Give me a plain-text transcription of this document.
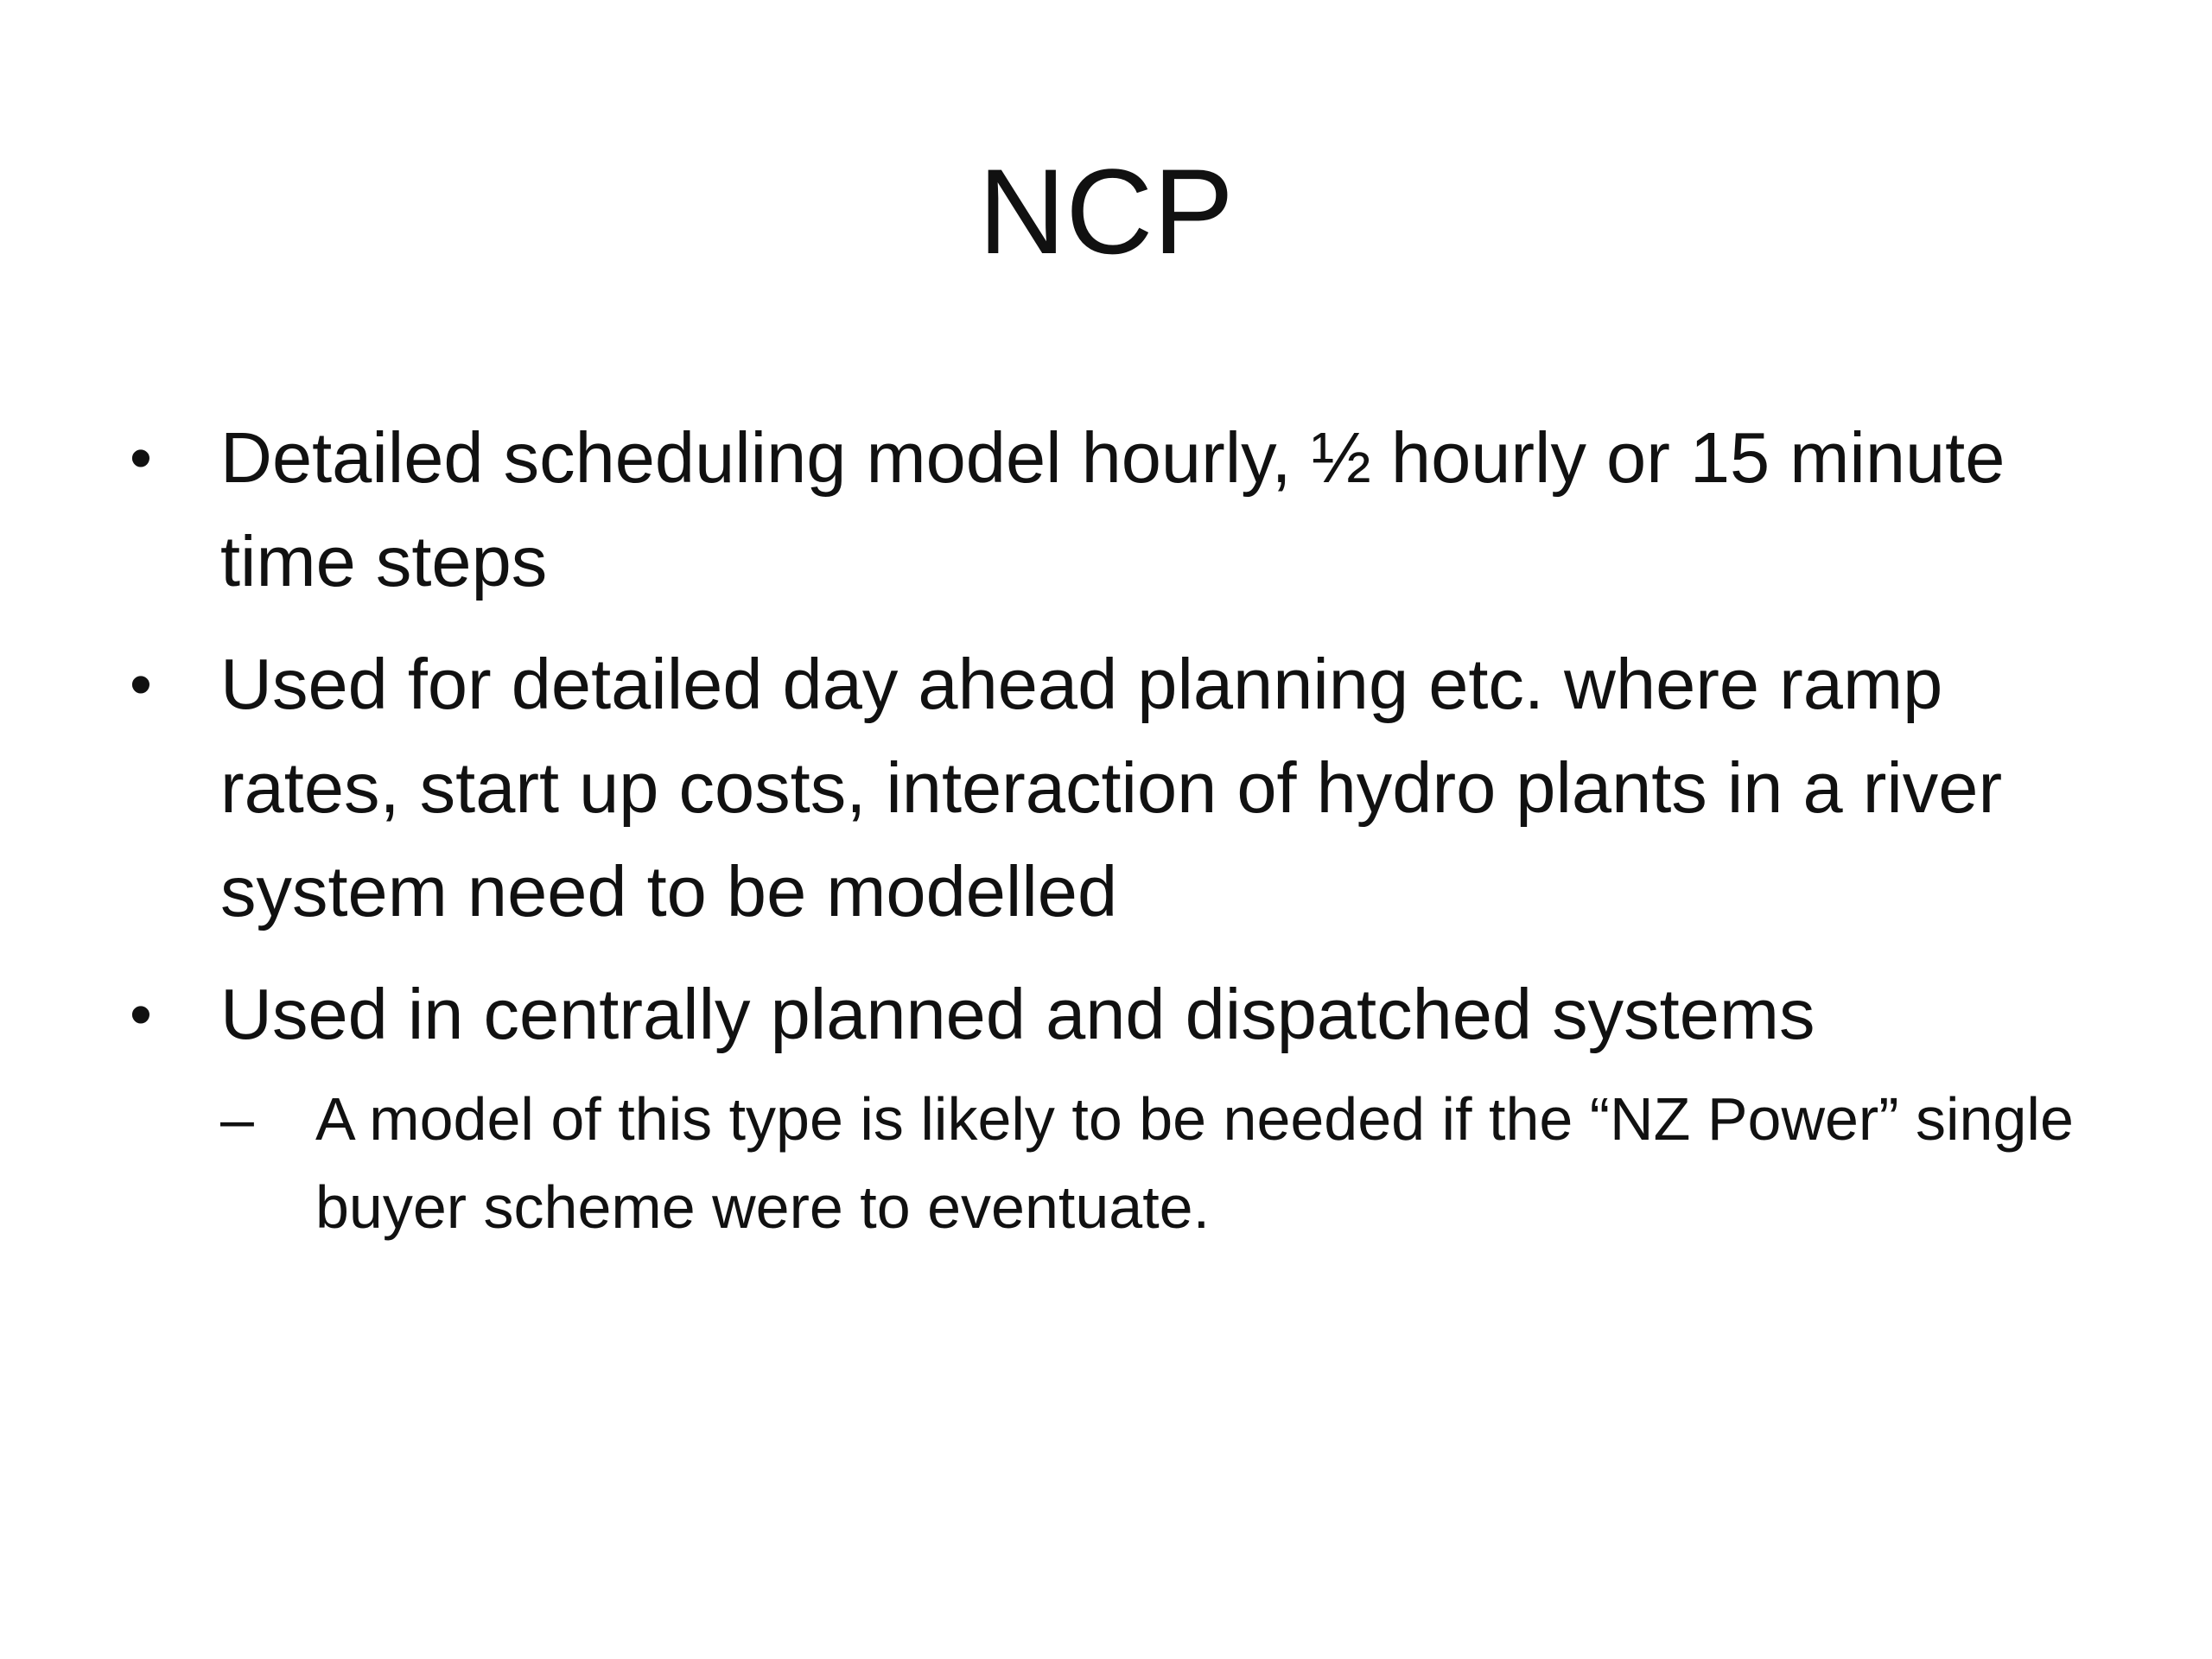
NCP
• Detailed scheduling model hourly, ½ hourly or 15 minute time steps
• Used for detailed day ahead planning etc. where ramp rates, start up costs, interaction of hydro plants in a river system need to be modelled
• Used in centrally planned and dispatched systems
–	A model of this type is likely to be needed if the “NZ Power” single buyer scheme were to eventuate.
